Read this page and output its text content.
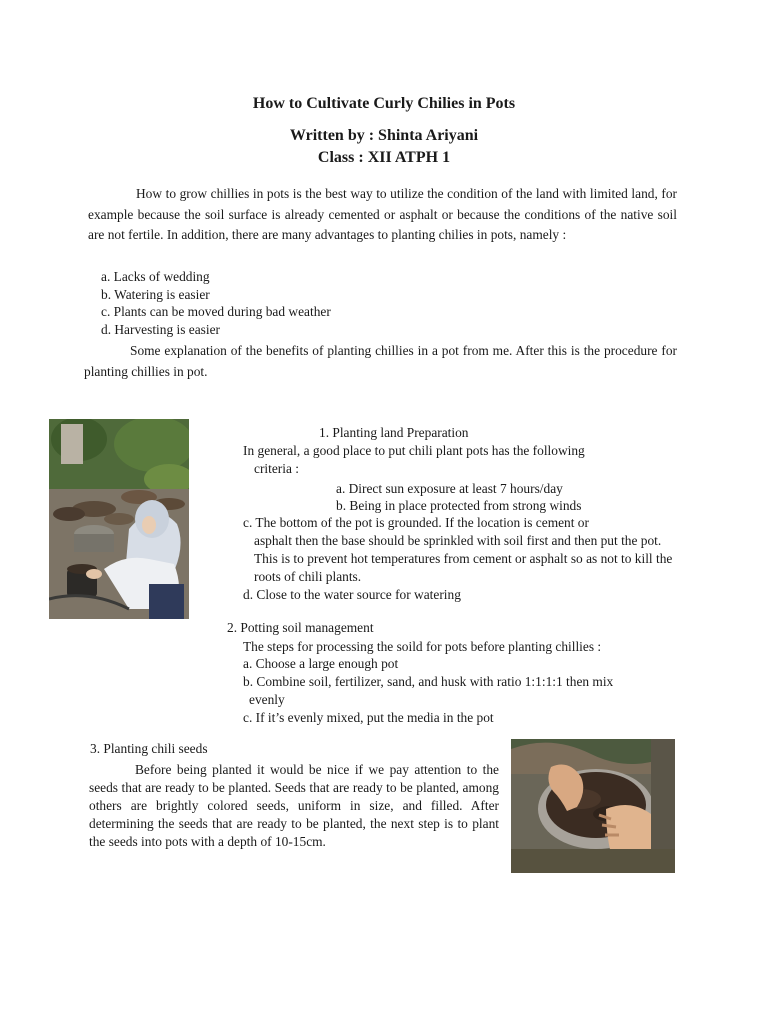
How to Cultivate Curly Chilies in Pots
Written by : Shinta Ariyani
Class : XII ATPH 1
How to grow chillies in pots is the best way to utilize the condition of the land with limited land, for example because the soil surface is already cemented or asphalt or because the conditions of the native soil are not fertile. In addition, there are many advantages to planting chilies in pots, namely :
a. Lacks of wedding
b. Watering is easier
c. Plants can be moved during bad weather
d. Harvesting is easier
Some explanation of the benefits of planting chillies in a pot from me. After this is the procedure for planting chillies in pot.
1. Planting land Preparation
In general, a good place to put chili plant pots has the following
criteria :
a. Direct sun exposure at least 7 hours/day
b. Being in place protected from strong winds
c. The bottom of the pot is grounded. If the location is cement or
asphalt then the base should be sprinkled with soil first and then put the pot. This is to prevent hot temperatures from cement or asphalt so as not to kill the roots of chili plants.
d. Close to the water source for watering
2. Potting soil management
The steps for processing the soild for pots before planting chillies :
a. Choose a large enough pot
b. Combine soil, fertilizer, sand, and husk with ratio 1:1:1:1 then mix
evenly
c. If it’s evenly mixed, put the media in the pot
3. Planting chili seeds
Before being planted it would be nice if we pay attention to the seeds that are ready to be planted. Seeds that are ready to be planted, among others are brightly colored seeds, uniform in size, and filled. After determining the seeds that are ready to be planted, the next step is to plant the seeds into pots with a depth of 10-15cm.
